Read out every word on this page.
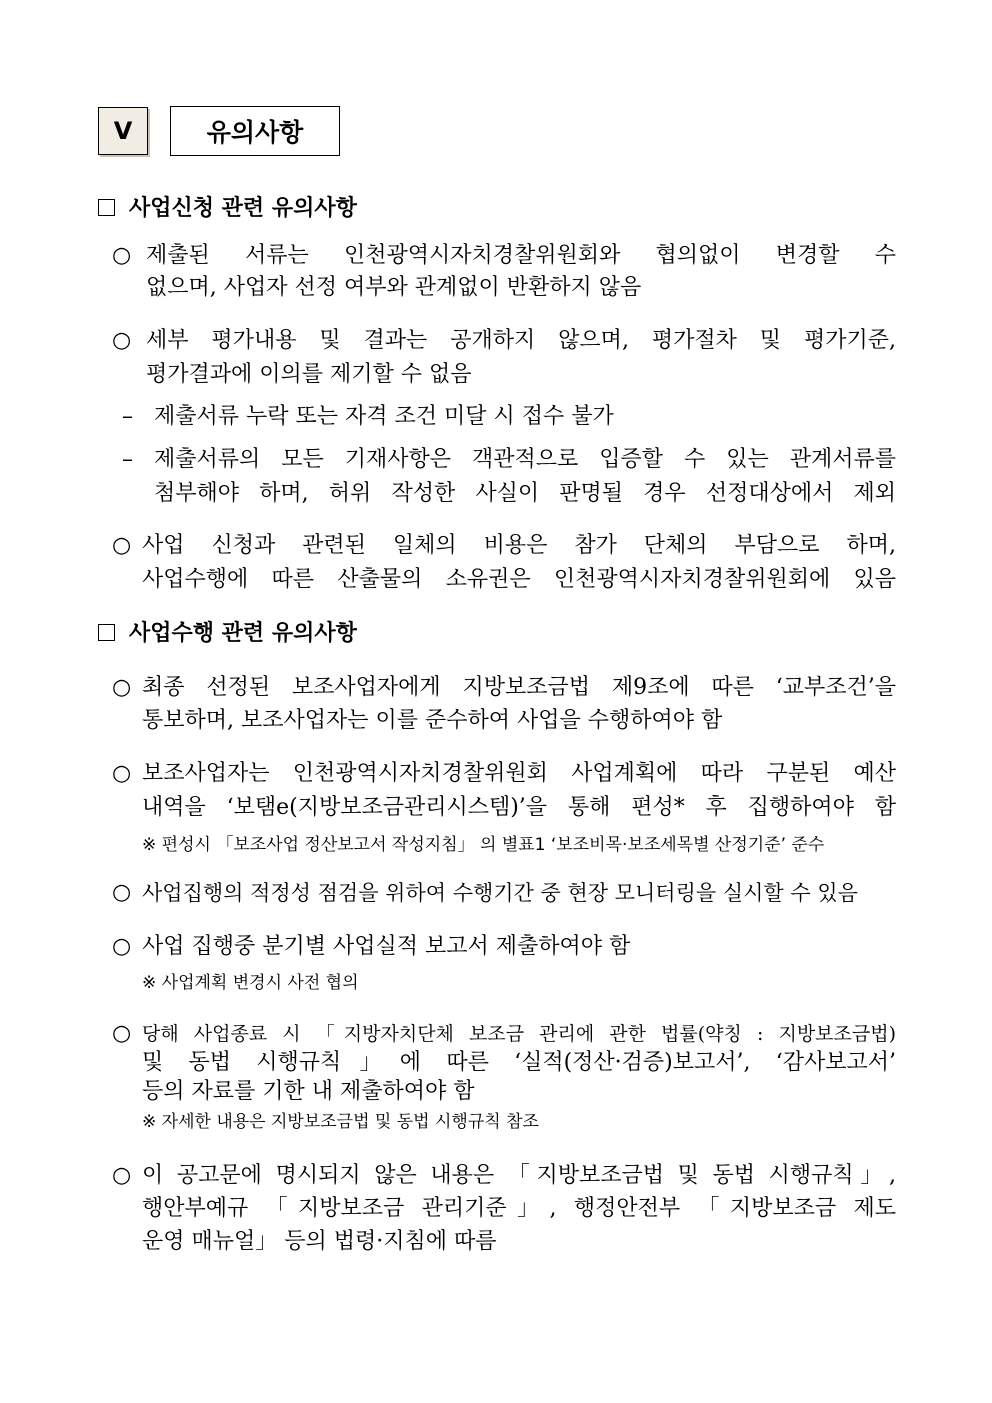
V	유의사항
사업신청 관련 유의사항
○ 제출된 서류는 인천광역시자치경찰위원회와 협의없이 변경할 수
없으며, 사업자 선정 여부와 관계없이 반환하지 않음
○ 세부 평가내용 및 결과는 공개하지 않으며, 평가절차 및 평가기준,
평가결과에 이의를 제기할 수 없음
– 제출서류 누락 또는 자격 조건 미달 시 접수 불가
– 제출서류의 모든 기재사항은 객관적으로 입증할 수 있는 관계서류를
첨부해야 하며, 허위 작성한 사실이 판명될 경우 선정대상에서 제외
○ 사업 신청과 관련된 일체의 비용은 참가 단체의 부담으로 하며,
사업수행에 따른 산출물의 소유권은 인천광역시자치경찰위원회에 있음
사업수행 관련 유의사항
○ 최종 선정된 보조사업자에게 지방보조금법 제9조에 따른 ‘교부조건’을
통보하며, 보조사업자는 이를 준수하여 사업을 수행하여야 함
○ 보조사업자는 인천광역시자치경찰위원회 사업계획에 따라 구분된 예산
내역을 ‘보탬e(지방보조금관리시스템)’을 통해 편성* 후 집행하여야 함
※ 편성시 「보조사업 정산보고서 작성지침」 의 별표1 ‘보조비목·보조세목별 산정기준’ 준수
○ 사업집행의 적정성 점검을 위하여 수행기간 중 현장 모니터링을 실시할 수 있음
○ 사업 집행중 분기별 사업실적 보고서 제출하여야 함
※ 사업계획 변경시 사전 협의
○ 당해 사업종료 시 「지방자치단체 보조금 관리에 관한 법률(약칭 : 지방보조금법)
및 동법 시행규칙」에 따른 ‘실적(정산·검증)보고서’, ‘감사보고서’
등의 자료를 기한 내 제출하여야 함
※ 자세한 내용은 지방보조금법 및 동법 시행규칙 참조
○ 이 공고문에 명시되지 않은 내용은 「지방보조금법 및 동법 시행규칙」,
행안부예규 「지방보조금 관리기준」, 행정안전부 「지방보조금 제도
운영 매뉴얼」 등의 법령·지침에 따름
